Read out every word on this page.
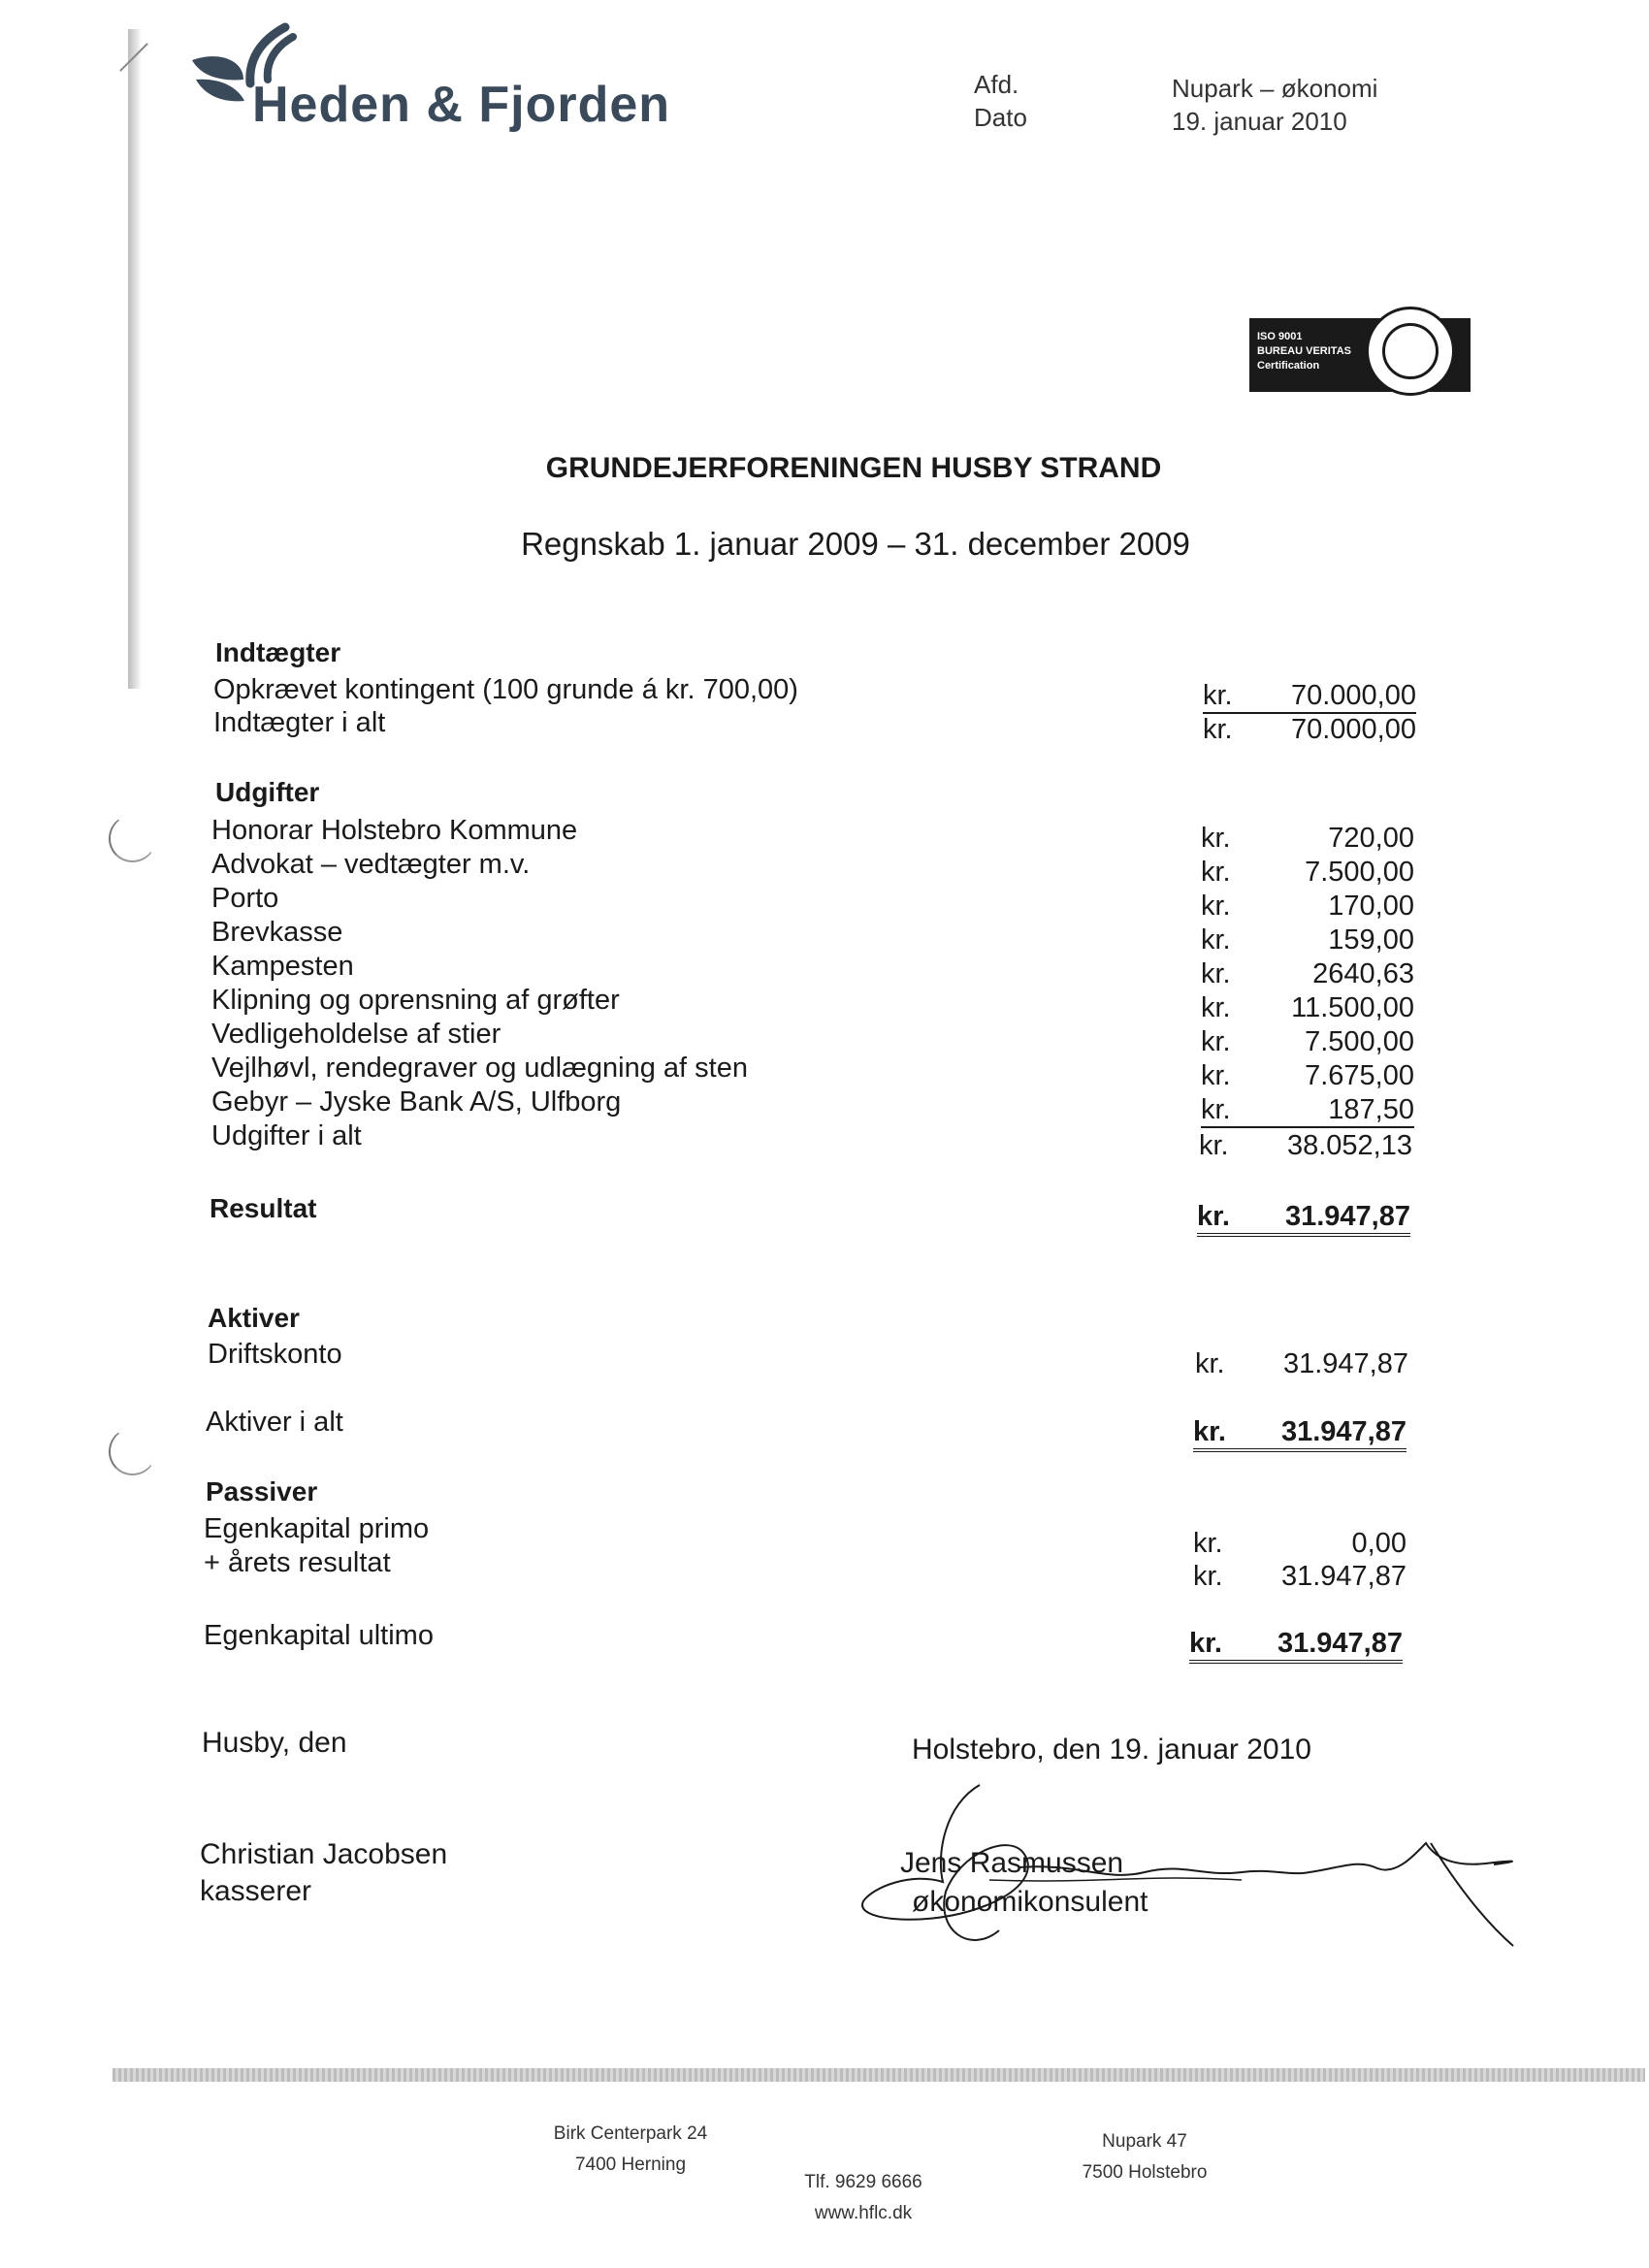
Heden & Fjorden	Afd.
Dato
Nupark – økonomi
19. januar 2010
ISO 9001
BUREAU VERITAS
Certification
GRUNDEJERFORENINGEN HUSBY STRAND
Regnskab 1. januar 2009 – 31. december 2009
Indtægter
Opkrævet kontingent (100 grunde á kr. 700,00)	kr. 70.000,00
Indtægter i alt	kr. 70.000,00
Udgifter
Honorar Holstebro Kommune	kr.	720,00
Advokat – vedtægter m.v.	kr.	7.500,00
Porto	kr.	170,00
Brevkasse	kr.	159,00
Kampesten	kr.	2640,63
Klipning og oprensning af grøfter	kr. 11.500,00
Vedligeholdelse af stier	kr.	7.500,00
Vejlhøvl, rendegraver og udlægning af sten	kr.	7.675,00
Gebyr – Jyske Bank A/S, Ulfborg	kr.	187,50
Udgifter i alt	kr. 38.052,13
Resultat	kr. 31.947,87
Aktiver
Driftskonto	kr. 31.947,87
Aktiver i alt	kr. 31.947,87
Passiver
Egenkapital primo	kr.	0,00
+ årets resultat	kr. 31.947,87
Egenkapital ultimo	kr. 31.947,87
Husby, den	Holstebro, den 19. januar 2010
Christian Jacobsen
kasserer
Jens Rasmussen
økonomikonsulent
Birk Centerpark 24
7400 Herning
Tlf. 9629 6666
www.hflc.dk
Nupark 47
7500 Holstebro
